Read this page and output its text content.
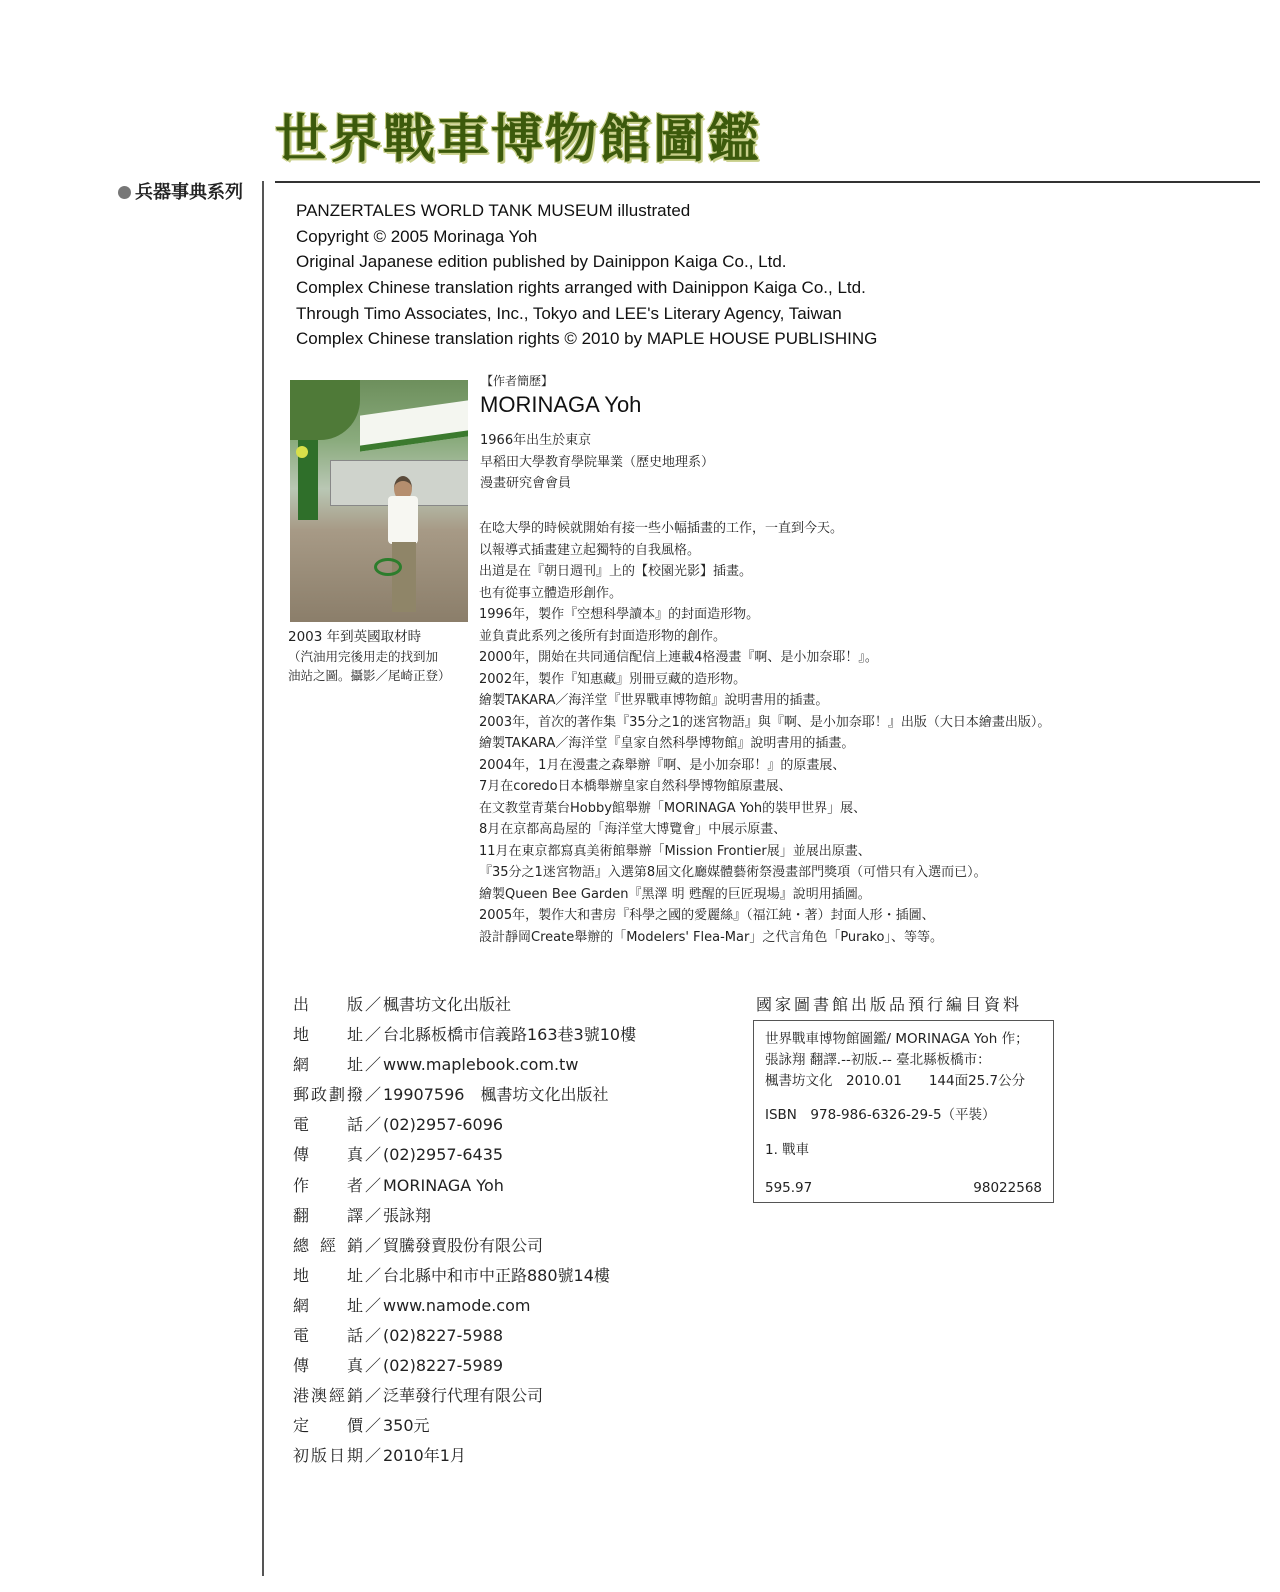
世界戰車博物館圖鑑
兵器事典系列
PANZERTALES WORLD TANK MUSEUM illustrated
Copyright © 2005 Morinaga Yoh
Original Japanese edition published by Dainippon Kaiga Co., Ltd.
Complex Chinese translation rights arranged with Dainippon Kaiga Co., Ltd.
Through Timo Associates, Inc., Tokyo and LEE's Literary Agency, Taiwan
Complex Chinese translation rights © 2010 by MAPLE HOUSE PUBLISHING
2003 年到英國取材時
（汽油用完後用走的找到加
油站之圖。攝影／尾崎正登）
【作者簡歷】
MORINAGA Yoh
1966年出生於東京
早稻田大學教育學院畢業（歷史地理系）
漫畫研究會會員
在唸大學的時候就開始有接一些小幅插畫的工作，一直到今天。
以報導式插畫建立起獨特的自我風格。
出道是在『朝日週刊』上的【校園光影】插畫。
也有從事立體造形創作。
1996年，製作『空想科學讀本』的封面造形物。
並負責此系列之後所有封面造形物的創作。
2000年，開始在共同通信配信上連載4格漫畫『啊、是小加奈耶！』。
2002年，製作『知惠藏』別冊豆藏的造形物。
繪製TAKARA／海洋堂『世界戰車博物館』說明書用的插畫。
2003年，首次的著作集『35分之1的迷宮物語』與『啊、是小加奈耶！』出版（大日本繪畫出版）。
繪製TAKARA／海洋堂『皇家自然科學博物館』說明書用的插畫。
2004年，1月在漫畫之森舉辦『啊、是小加奈耶！』的原畫展、
7月在coredo日本橋舉辦皇家自然科學博物館原畫展、
在文教堂青葉台Hobby館舉辦「MORINAGA Yoh的裝甲世界」展、
8月在京都高島屋的「海洋堂大博覽會」中展示原畫、
11月在東京都寫真美術館舉辦「Mission Frontier展」並展出原畫、
『35分之1迷宮物語』入選第8屆文化廳媒體藝術祭漫畫部門獎項（可惜只有入選而已）。
繪製Queen Bee Garden『黑澤 明 甦醒的巨匠現場』說明用插圖。
2005年，製作大和書房『科學之國的愛麗絲』（福江純・著）封面人形・插圖、
設計靜岡Create舉辦的「Modelers' Flea-Mar」之代言角色「Purako」、等等。
出版 ／ 楓書坊文化出版社
地址 ／ 台北縣板橋市信義路163巷3號10樓
網址 ／ www.maplebook.com.tw
郵政劃撥 ／ 19907596　楓書坊文化出版社
電話 ／ (02)2957-6096
傳真 ／ (02)2957-6435
作者 ／ MORINAGA Yoh
翻譯 ／ 張詠翔
總經銷 ／ 貿騰發賣股份有限公司
地址 ／ 台北縣中和市中正路880號14樓
網址 ／ www.namode.com
電話 ／ (02)8227-5988
傳真 ／ (02)8227-5989
港澳經銷 ／ 泛華發行代理有限公司
定價 ／ 350元
初版日期 ／ 2010年1月
國家圖書館出版品預行編目資料
世界戰車博物館圖鑑/ MORINAGA Yoh 作；
張詠翔 翻譯.--初版.-- 臺北縣板橋市：
楓書坊文化　2010.01　　144面25.7公分
ISBN　978-986-6326-29-5（平裝）
1. 戰車
595.97	98022568
